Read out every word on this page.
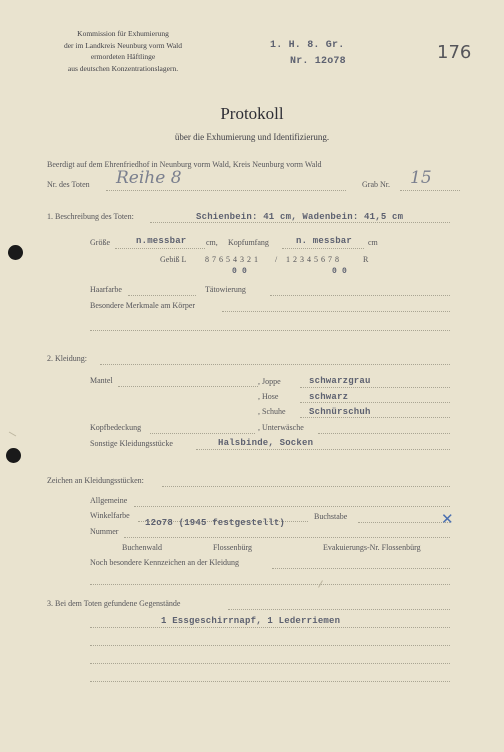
Kommission für Exhumierung
der im Landkreis Neunburg vorm Wald
ermordeten Häftlinge
aus deutschen Konzentrationslagern.
1. H. 8. Gr.
Nr. 12o78	176
Protokoll
über die Exhumierung und Identifizierung.
Beerdigt auf dem Ehrenfriedhof in Neunburg vorm Wald, Kreis Neunburg vorm Wald
Nr. des Toten Reihe 8	Grab Nr. 15
1. Beschreibung des Toten:	Schienbein: 41 cm, Wadenbein: 41,5 cm
Größe	n.messbar cm, Kopfumfang	n. messbar cm
Gebiß L 8 7 6 5 4 3 2 1 / 1 2 3 4 5 6 7 8	R
0 0	0 0
Haarfarbe	Tätowierung
Besondere Merkmale am Körper
2. Kleidung:
Mantel	, Joppe	schwarzgrau
, Hose	schwarz
, Schuhe	Schnürschuh
Kopfbedeckung	, Unterwäsche
Sonstige Kleidungsstücke	Halsbinde, Socken
Zeichen an Kleidungsstücken:
Allgemeine
Winkelfarbe	Buchstabe	✕
Nummer
12o78 (1945 festgestellt)
Buchenwald	Flossenbürg	Evakuierungs-Nr. Flossenbürg
Noch besondere Kennzeichen an der Kleidung
3. Bei dem Toten gefundene Gegenstände
1 Essgeschirrnapf, 1 Lederriemen
